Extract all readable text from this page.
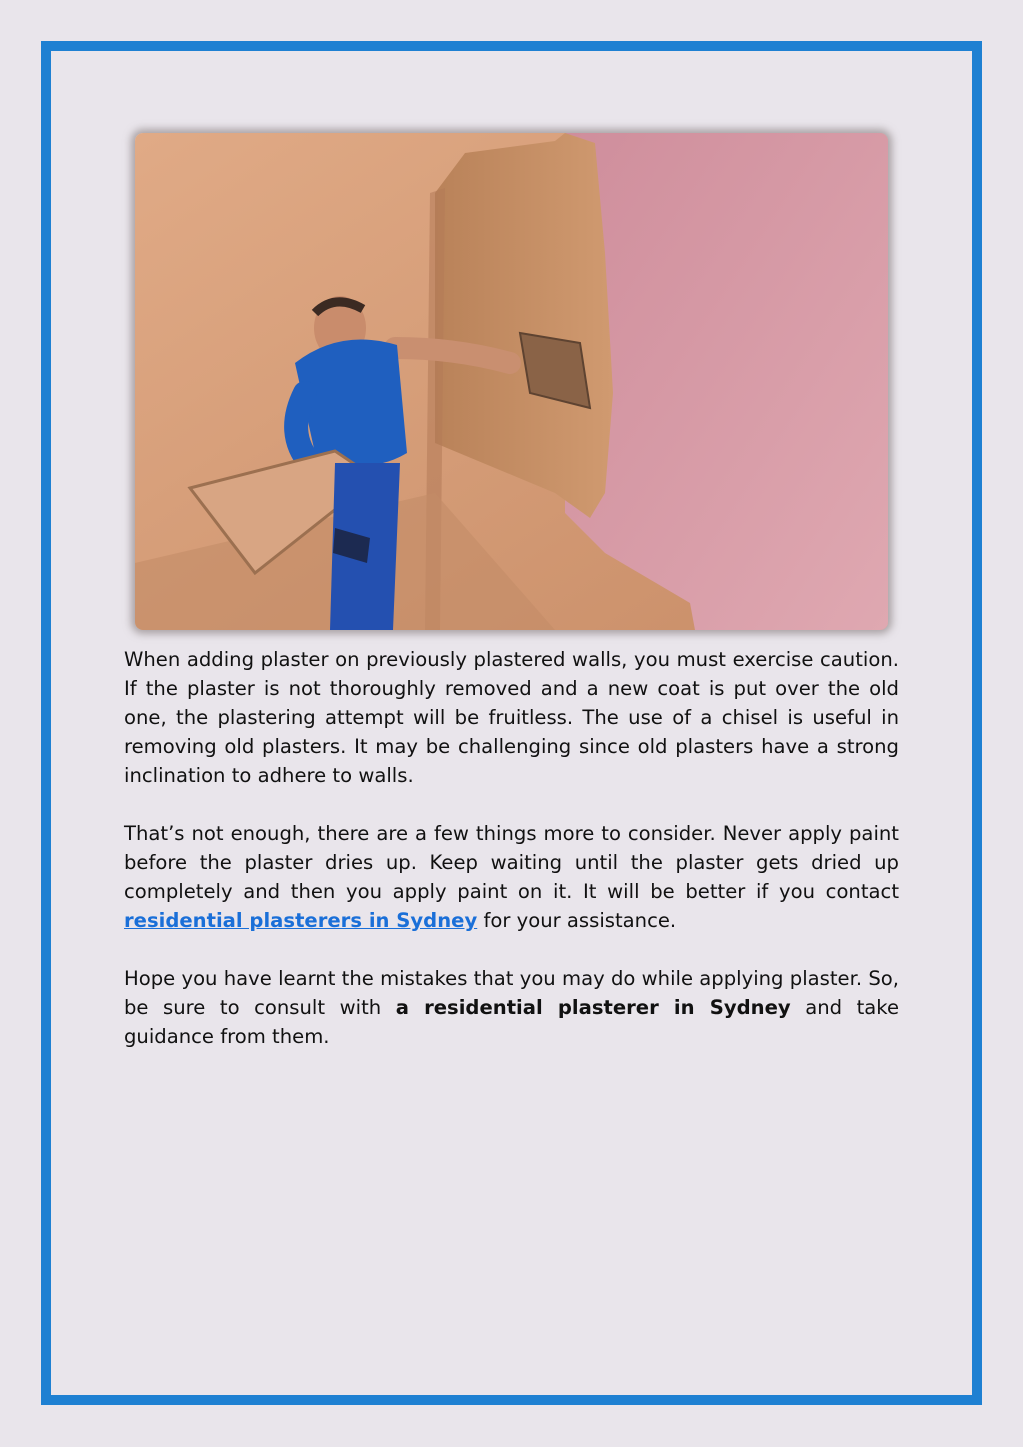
When adding plaster on previously plastered walls, you must exercise caution. If the plaster is not thoroughly removed and a new coat is put over the old one, the plastering attempt will be fruitless. The use of a chisel is useful in removing old plasters. It may be challenging since old plasters have a strong inclination to adhere to walls.

That’s not enough, there are a few things more to consider. Never apply paint before the plaster dries up. Keep waiting until the plaster gets dried up completely and then you apply paint on it. It will be better if you contact residential plasterers in Sydney for your assistance.

Hope you have learnt the mistakes that you may do while applying plaster. So, be sure to consult with a residential plasterer in Sydney and take guidance from them.
